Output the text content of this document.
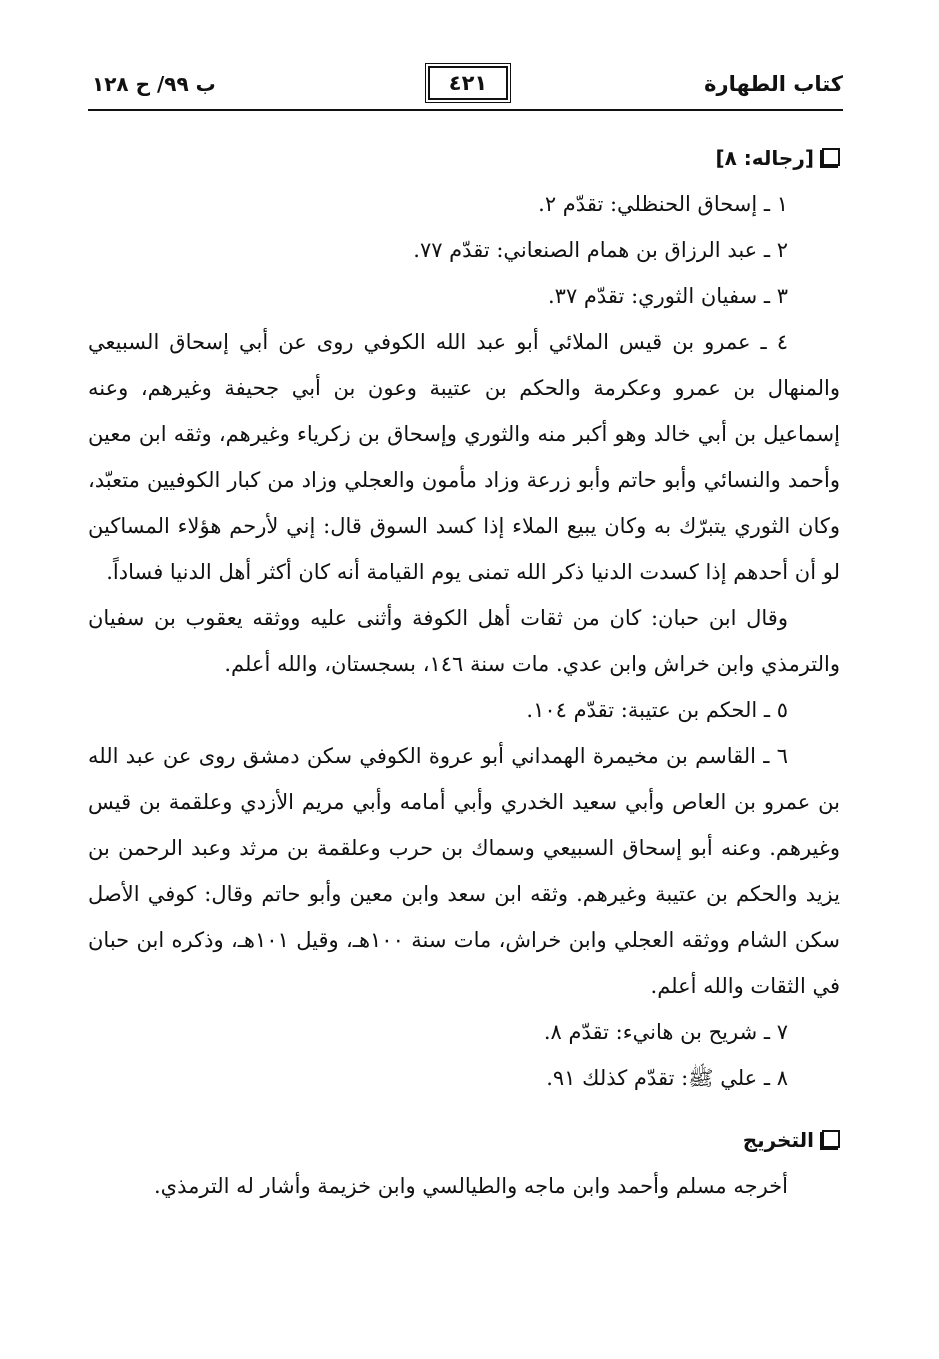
كتاب الطهارة
٤٢١
ب ٩٩/ ح ١٢٨
[رجاله: ٨]

١ ـ إسحاق الحنظلي: تقدّم ٢.

٢ ـ عبد الرزاق بن همام الصنعاني: تقدّم ٧٧.

٣ ـ سفيان الثوري: تقدّم ٣٧.

٤ ـ عمرو بن قيس الملائي أبو عبد الله الكوفي روى عن أبي إسحاق السبيعي والمنهال بن عمرو وعكرمة والحكم بن عتيبة وعون بن أبي جحيفة وغيرهم، وعنه إسماعيل بن أبي خالد وهو أكبر منه والثوري وإسحاق بن زكرياء وغيرهم، وثقه ابن معين وأحمد والنسائي وأبو حاتم وأبو زرعة وزاد مأمون والعجلي وزاد من كبار الكوفيين متعبّد، وكان الثوري يتبرّك به وكان يبيع الملاء إذا كسد السوق قال: إني لأرحم هؤلاء المساكين لو أن أحدهم إذا كسدت الدنيا ذكر الله تمنى يوم القيامة أنه كان أكثر أهل الدنيا فساداً.

وقال ابن حبان: كان من ثقات أهل الكوفة وأثنى عليه ووثقه يعقوب بن سفيان والترمذي وابن خراش وابن عدي. مات سنة ١٤٦، بسجستان، والله أعلم.

٥ ـ الحكم بن عتيبة: تقدّم ١٠٤.

٦ ـ القاسم بن مخيمرة الهمداني أبو عروة الكوفي سكن دمشق روى عن عبد الله بن عمرو بن العاص وأبي سعيد الخدري وأبي أمامه وأبي مريم الأزدي وعلقمة بن قيس وغيرهم. وعنه أبو إسحاق السبيعي وسماك بن حرب وعلقمة بن مرثد وعبد الرحمن بن يزيد والحكم بن عتيبة وغيرهم. وثقه ابن سعد وابن معين وأبو حاتم وقال: كوفي الأصل سكن الشام ووثقه العجلي وابن خراش، مات سنة ١٠٠هـ، وقيل ١٠١هـ، وذكره ابن حبان في الثقات والله أعلم.

٧ ـ شريح بن هانيء: تقدّم ٨.

٨ ـ علي ﷺ: تقدّم كذلك ٩١.

التخريج

أخرجه مسلم وأحمد وابن ماجه والطيالسي وابن خزيمة وأشار له الترمذي.
